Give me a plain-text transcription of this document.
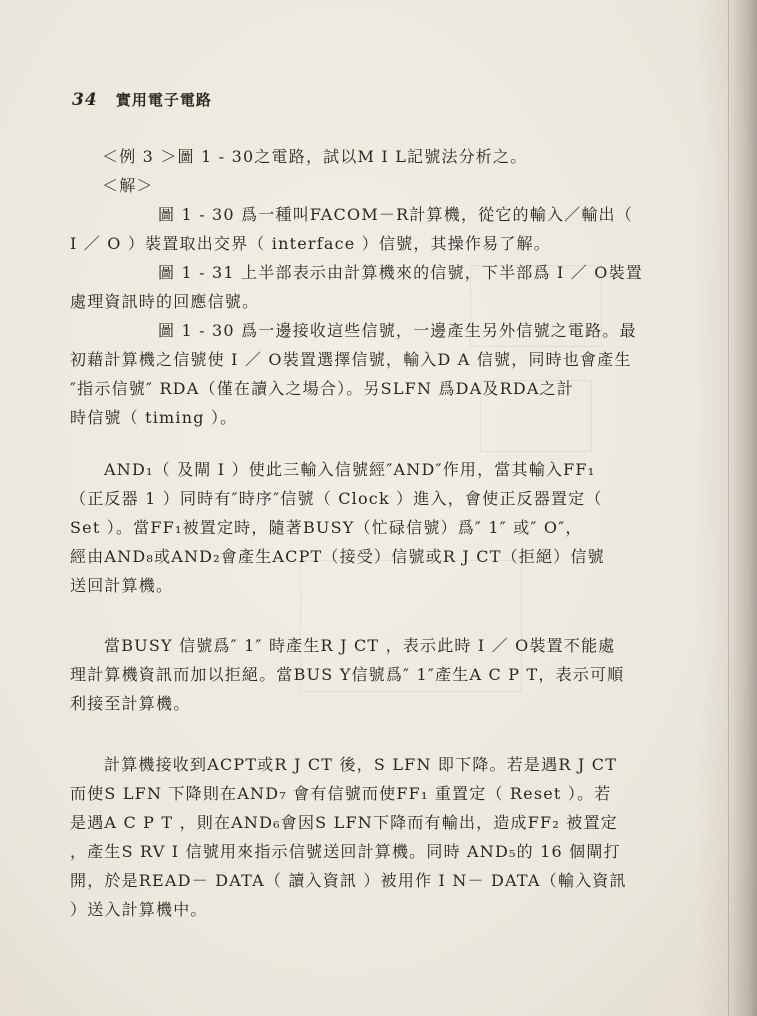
34 實用電子電路
＜例 3 ＞圖 1 - 30之電路，試以M I L記號法分析之。
＜解＞
圖 1 - 30 爲一種叫FACOM－R計算機，從它的輸入／輸出（
I ／ O ）裝置取出交界（ interface ）信號，其操作易了解。
圖 1 - 31 上半部表示由計算機來的信號，下半部爲 I ／ O裝置
處理資訊時的回應信號。
圖 1 - 30 爲一邊接收這些信號，一邊產生另外信號之電路。最
初藉計算機之信號使 I ／ O裝置選擇信號，輸入D A 信號，同時也會產生
″指示信號″ RDA（僅在讀入之場合）。另SLFN 爲DA及RDA之計
時信號（ timing ）。
AND₁（ 及閘 I ）使此三輸入信號經″AND″作用，當其輸入FF₁
（正反器 1 ）同時有″時序″信號（ Clock ）進入，會使正反器置定（
Set ）。當FF₁被置定時，隨著BUSY（忙碌信號）爲″ 1″ 或″ O″，
經由AND₈或AND₂會產生ACPT（接受）信號或R J CT（拒絕）信號
送回計算機。
當BUSY 信號爲″ 1″ 時產生R J CT ，表示此時 I ／ O裝置不能處
理計算機資訊而加以拒絕。當BUS Y信號爲″ 1″產生A C P T，表示可順
利接至計算機。
計算機接收到ACPT或R J CT 後，S LFN 即下降。若是遇R J CT
而使S LFN 下降則在AND₇ 會有信號而使FF₁ 重置定（ Reset ）。若
是遇A C P T ，則在AND₆會因S LFN下降而有輸出，造成FF₂ 被置定
，產生S RV I 信號用來指示信號送回計算機。同時 AND₅的 16 個閘打
開，於是READ－ DATA（ 讀入資訊 ）被用作 I N－ DATA（輸入資訊
）送入計算機中。
